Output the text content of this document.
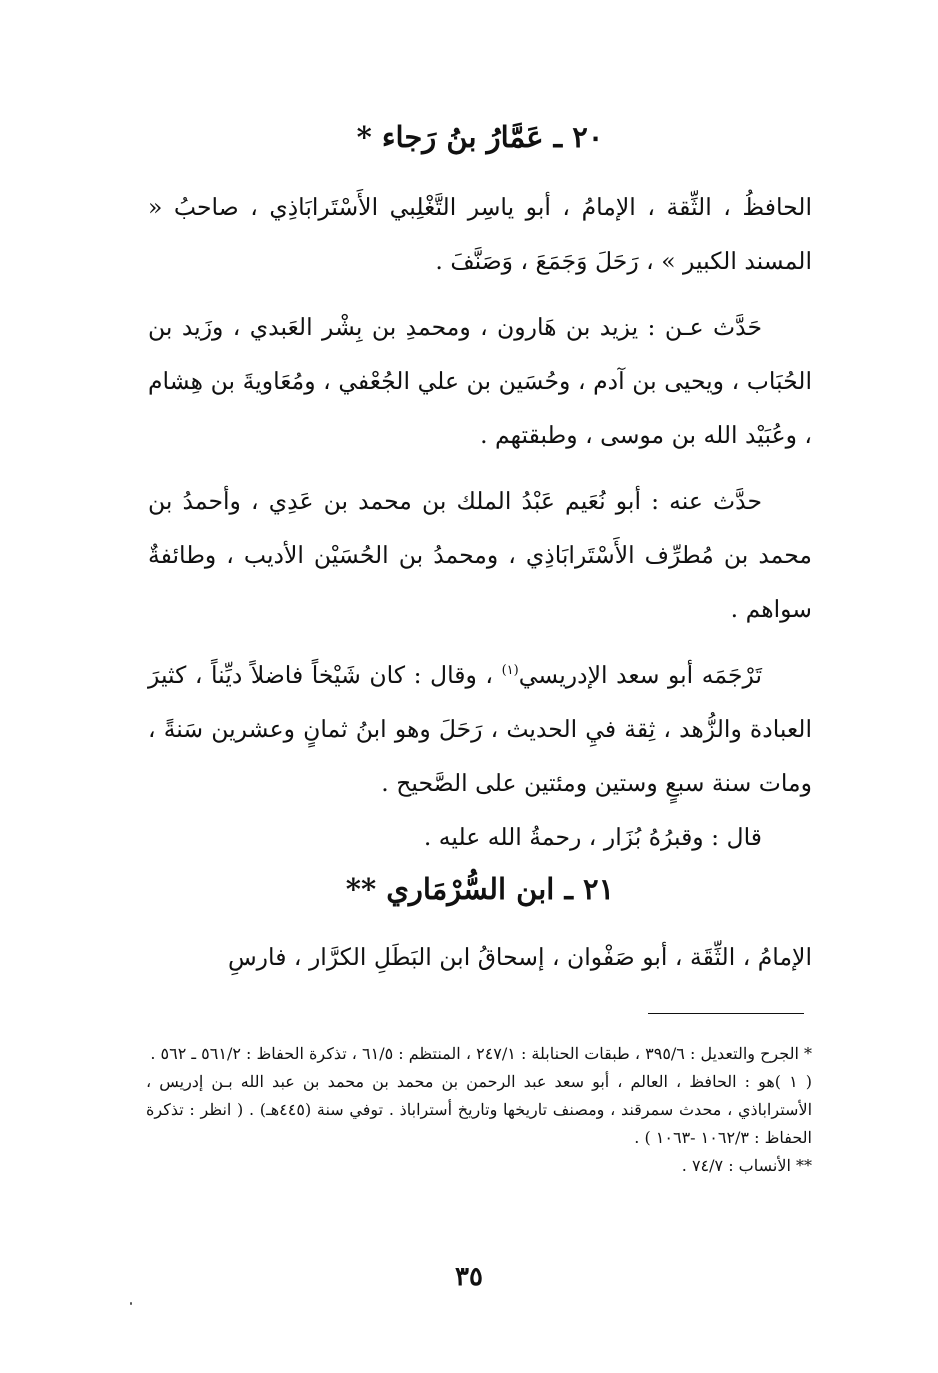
٢٠ ـ عَمَّارُ بنُ رَجاء *

الحافظُ ، الثِّقة ، الإمامُ ، أبو ياسِر التَّغْلِبي الأَسْتَرابَاذِي ، صاحبُ « المسند الكبير » ، رَحَلَ وَجَمَعَ ، وَصَنَّفَ .

حَدَّث عـن : يزيد بن هَارون ، ومحمدِ بن بِشْر العَبدي ، وزَيد بن الحُبَاب ، ويحيى بن آدم ، وحُسَين بن علي الجُعْفي ، ومُعَاويةَ بن هِشام ، وعُبَيْد الله بن موسى ، وطبقتهم .

حدَّث عنه : أبو نُعَيم عَبْدُ الملك بن محمد بن عَدِي ، وأحمدُ بن محمد بن مُطرِّف الأَسْتَرابَاذِي ، ومحمدُ بن الحُسَيْن الأديب ، وطائفةٌ سواهم .

تَرْجَمَه أبو سعد الإدريسي$^{(١)}$ ، وقال : كان شَيْخاً فاضلاً ديِّناً ، كثيرَ العبادة والزُّهد ، ثِقة فيِ الحديث ، رَحَلَ وهو ابنُ ثمانٍ وعشرين سَنةً ، ومات سنة سبعٍ وستين ومئتين على الصَّحيح .

قال : وقبرُهُ بُزَار ، رحمةُ الله عليه .

٢١ ـ ابن السُّرْمَاري **

الإمامُ ، الثِّقَة ، أبو صَفْوان ، إسحاقُ ابن البَطَلِ الكرَّار ، فارسِ

* الجرح والتعديل : ٣٩٥/٦ ، طبقات الحنابلة : ٢٤٧/١ ، المنتظم : ٦١/٥ ، تذكرة الحفاظ : ٥٦١/٢ ـ ٥٦٢ .

( ١ )هو : الحافظ ، العالم ، أبو سعد عبد الرحمن بن محمد بن محمد بن عبد الله بـن إدريس ، الأستراباذي ، محدث سمرقند ، ومصنف تاريخها وتاريخ أستراباذ . توفي سنة (٤٤٥هـ) . ( انظر : تذكرة الحفاظ : ١٠٦٢/٣ -١٠٦٣ ) .

** الأنساب : ٧٤/٧ .

٣٥
